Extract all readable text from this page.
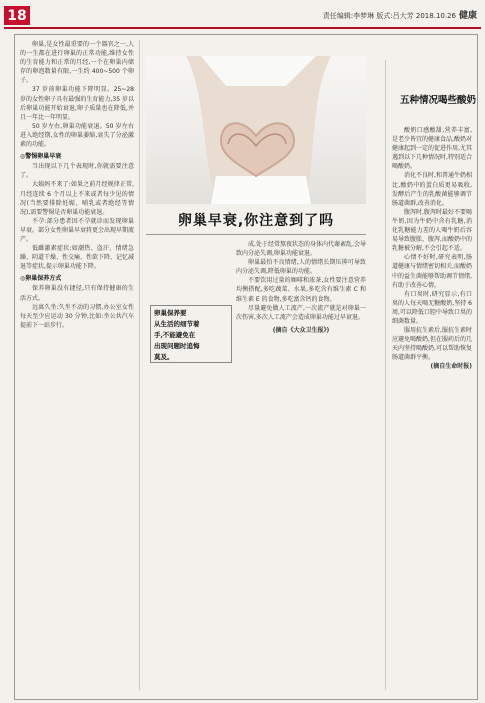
18	责任编辑:李梦琳 版式:吕大芳 2018.10.26 健康

卵巢,是女性最重要的一个器官之一,人的一生都在进行卵巢的正常功能,维持女性的生育能力和正常的月经,一个在卵巢内储存的卵泡数量有限,一生约 400~500 个卵子。

37 岁前卵巢功能下降明显。25~28 岁的女性卵子具有最强的生育能力,35 岁以后卵巢功能开始衰退,卵子质量也在降低,并且一年比一年明显。

50 岁左右,卵巢功能衰退。50 岁左右进入绝经期,女性的卵巢萎缩,衰失了分泌激素的功能。

◎警惕卵巢早衰

当出现以下几个表现时,你就需要注意了。

大姨妈不来了:如果之前月经规律正常,月经连续 6 个月以上不来或者每少见的情况(当然要排除妊娠、哺乳或者绝经等情况),需要警惕是否卵巢功能衰退。

不孕:部分患者因不孕就诊而发现卵巢早衰。部分女性卵巢早衰将更会出现早期流产。

低雌激素症状:如潮热、盗汗、情绪急躁、阴道干燥、性交痛、性欲下降、记忆减退等症状,提示卵巢功能下降。

◎卵巢保养方式

保养卵巢没有捷径,只有保持健康的生活方式。

远离久坐:久坐不动的习惯,办公室女性每天至少应运动 30 分钟,比如:坐公共汽车提前下一站步行。

卵巢早衰,你注意到了吗
卵巢保养要
从生活的细节着
手,不能避免在
出现问题时追悔
莫及。

成,处于经常熬夜状态的身体内代谢紊乱,会导致内分泌失调,卵巢功能衰退。

卵巢最怕不良情绪,人的情绪长期压抑可导致内分泌失调,降低卵巢的功能。

不要饮用过量的咖啡和浓茶,女性要注意营养均衡搭配,多吃蔬菜、水果,多吃含有维生素 C 和维生素 E 的食物,多吃富含钙的食物。

尽量避免做人工流产,一次流产就是对卵巢一次伤害,多次人工流产会造成卵巢功能过早衰退。

(摘自《大众卫生报》)
五种情况喝些酸奶

酸奶口感酸甜,营养丰富,是老少皆宜的健康食品,酸奶对健康起到一定的促进作用,尤其遇到以下几种情况时,特别适合喝酸奶。

消化不良时,和普通牛奶相比,酸奶中的蛋白质更易吸收,发酵后产生的乳酸菌能够调节肠道菌群,改善消化。

腹泻时,腹泻时最好不要喝牛奶,因为牛奶中含有乳糖,消化乳糖能力差的人喝牛奶后容易导致腹胀、腹泻,而酸奶中的乳糖被分解,不会引起不适。

心情不好时,研究表明,肠道健康与情绪密切相关,而酸奶中的益生菌能够帮助调节情绪,有助于改善心情。

有口臭时,研究显示,有口臭的人每天喝无糖酸奶,坚持 6 周,可以降低口腔中导致口臭的细菌数量。

服用抗生素后,服抗生素时应避免喝酸奶,但在服药后的几天内坚持喝酸奶,可以帮助恢复肠道菌群平衡。

(摘自生命时报)
